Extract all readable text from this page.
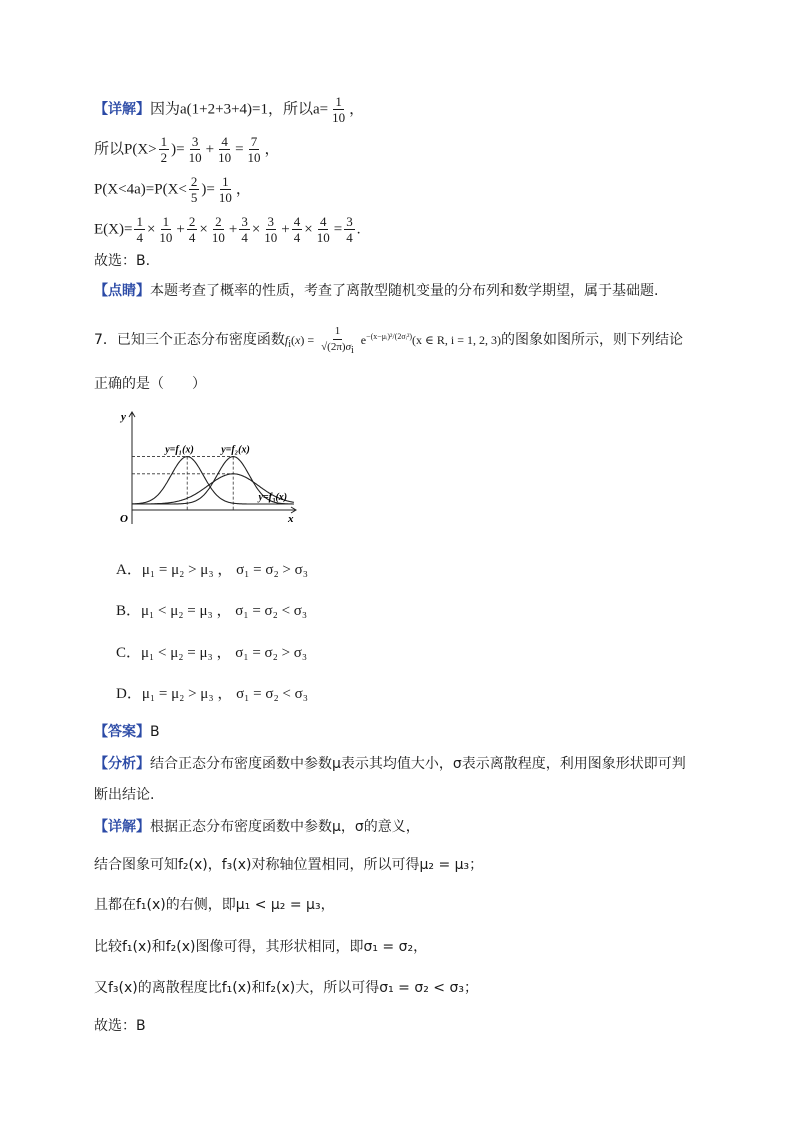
【详解】因为a(1+2+3+4)=1，所以$a= \frac{1}{10}$ ，
所以$P(X> \frac{1}{2}$ )= $\frac{3}{10} + \frac{4}{10} = \frac{7}{10}$ ，
$P(X<4a)=P(X< \frac{2}{5}$ )= $\frac{1}{10}$ ，
$E(X)= \frac{1}{4} \times \frac{1}{10} + \frac{2}{4} \times \frac{2}{10} + \frac{3}{4} \times \frac{3}{10} + \frac{4}{4} \times \frac{4}{10} = \frac{3}{4}$ .
故选：B.
【点睛】本题考查了概率的性质，考查了离散型随机变量的分布列和数学期望，属于基础题.
7．已知三个正态分布密度函数$f_i(x) = \frac{1}{√(2\pi)\sigma i} e^{-(x-\mu ᵢ)^2/(2\sigma ᵢ^2)}(x$ ∈ R, i = 1, 2, 3)的图象如图所示，则下列结论
正确的是（　　）
x
y
O
y=f₁(x)	y=f₂(x)
y=f₃(x)
A．μ₁ = μ₂ > μ₃ ， σ₁ = σ₂ > σ₃
B．μ₁ < μ₂ = μ₃ ， σ₁ = σ₂ < σ₃
C．μ₁ < μ₂ = μ₃ ， σ₁ = σ₂ > σ₃
D．μ₁ = μ₂ > μ₃ ， σ₁ = σ₂ < σ₃
【答案】B
【分析】结合正态分布密度函数中参数μ表示其均值大小，σ表示离散程度，利用图象形状即可判
断出结论.
【详解】根据正态分布密度函数中参数μ，σ的意义，
结合图象可知f₂(x)，f₃(x)对称轴位置相同，所以可得μ₂ = μ₃；
且都在f₁(x)的右侧，即μ₁ < μ₂ = μ₃，
比较f₁(x)和f₂(x)图像可得，其形状相同，即σ₁ = σ₂，
又f₃(x)的离散程度比f₁(x)和f₂(x)大，所以可得σ₁ = σ₂ < σ₃；
故选：B
